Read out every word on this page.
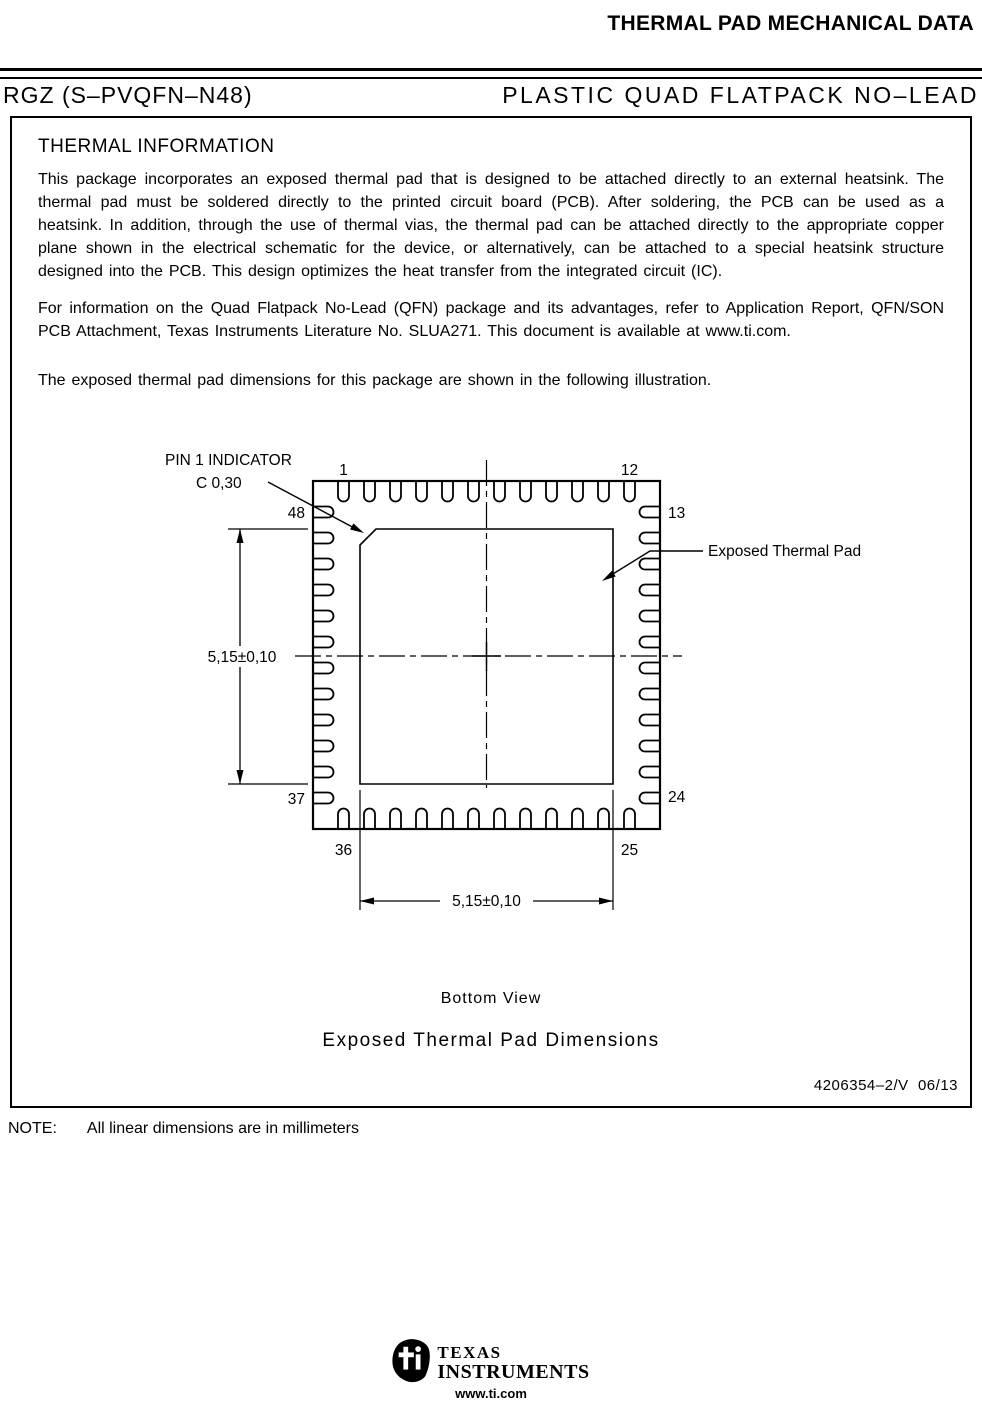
THERMAL PAD MECHANICAL DATA
RGZ (S–PVQFN–N48)	PLASTIC QUAD FLATPACK NO–LEAD
THERMAL INFORMATION

This package incorporates an exposed thermal pad that is designed to be attached directly to an external heatsink. The thermal pad must be soldered directly to the printed circuit board (PCB). After soldering, the PCB can be used as a heatsink. In addition, through the use of thermal vias, the thermal pad can be attached directly to the appropriate copper plane shown in the electrical schematic for the device, or alternatively, can be attached to a special heatsink structure designed into the PCB. This design optimizes the heat transfer from the integrated circuit (IC).

For information on the Quad Flatpack No-Lead (QFN) package and its advantages, refer to Application Report, QFN/SON PCB Attachment, Texas Instruments Literature No. SLUA271. This document is available at www.ti.com.

The exposed thermal pad dimensions for this package are shown in the following illustration.

5,15±0,10
5,15±0,10
PIN 1 INDICATOR
C 0,30
Exposed Thermal Pad
1	12
48	13
37	24
36	25
Bottom View
Exposed Thermal Pad Dimensions
4206354–2/V  06/13
NOTE: All linear dimensions are in millimeters
TEXAS
INSTRUMENTS
www.ti.com
